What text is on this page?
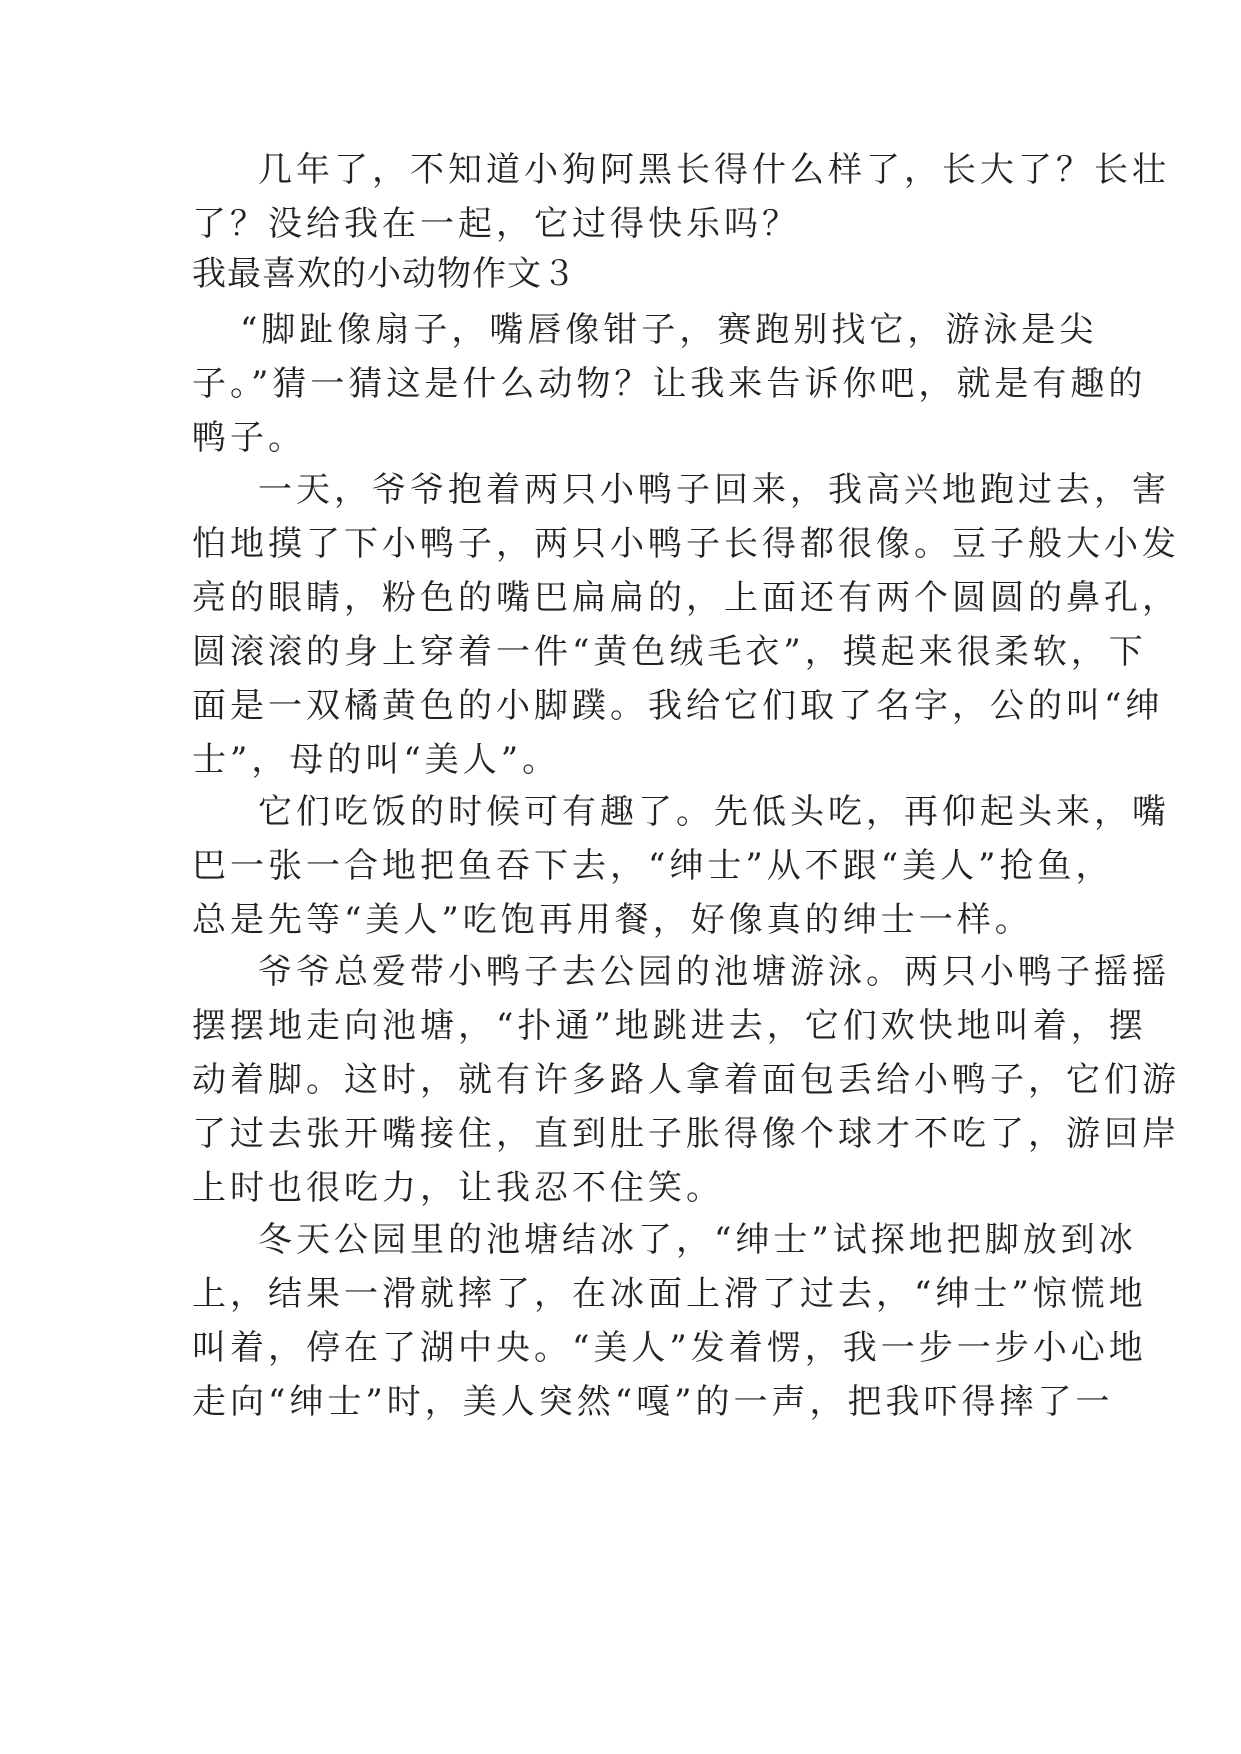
几年了，不知道小狗阿黑长得什么样了，长大了？长壮
了？没给我在一起，它过得快乐吗？
我最喜欢的小动物作文３
“脚趾像扇子，嘴唇像钳子，赛跑别找它，游泳是尖
子。”猜一猜这是什么动物？让我来告诉你吧，就是有趣的
鸭子。
一天，爷爷抱着两只小鸭子回来，我高兴地跑过去，害
怕地摸了下小鸭子，两只小鸭子长得都很像。豆子般大小发
亮的眼睛，粉色的嘴巴扁扁的，上面还有两个圆圆的鼻孔，
圆滚滚的身上穿着一件“黄色绒毛衣”，摸起来很柔软，下
面是一双橘黄色的小脚蹼。我给它们取了名字，公的叫“绅
士”，母的叫“美人”。
它们吃饭的时候可有趣了。先低头吃，再仰起头来，嘴
巴一张一合地把鱼吞下去，“绅士”从不跟“美人”抢鱼，
总是先等“美人”吃饱再用餐，好像真的绅士一样。
爷爷总爱带小鸭子去公园的池塘游泳。两只小鸭子摇摇
摆摆地走向池塘，“扑通”地跳进去，它们欢快地叫着，摆
动着脚。这时，就有许多路人拿着面包丢给小鸭子，它们游
了过去张开嘴接住，直到肚子胀得像个球才不吃了，游回岸
上时也很吃力，让我忍不住笑。
冬天公园里的池塘结冰了，“绅士”试探地把脚放到冰
上，结果一滑就摔了，在冰面上滑了过去，“绅士”惊慌地
叫着，停在了湖中央。“美人”发着愣，我一步一步小心地
走向“绅士”时，美人突然“嘎”的一声，把我吓得摔了一
